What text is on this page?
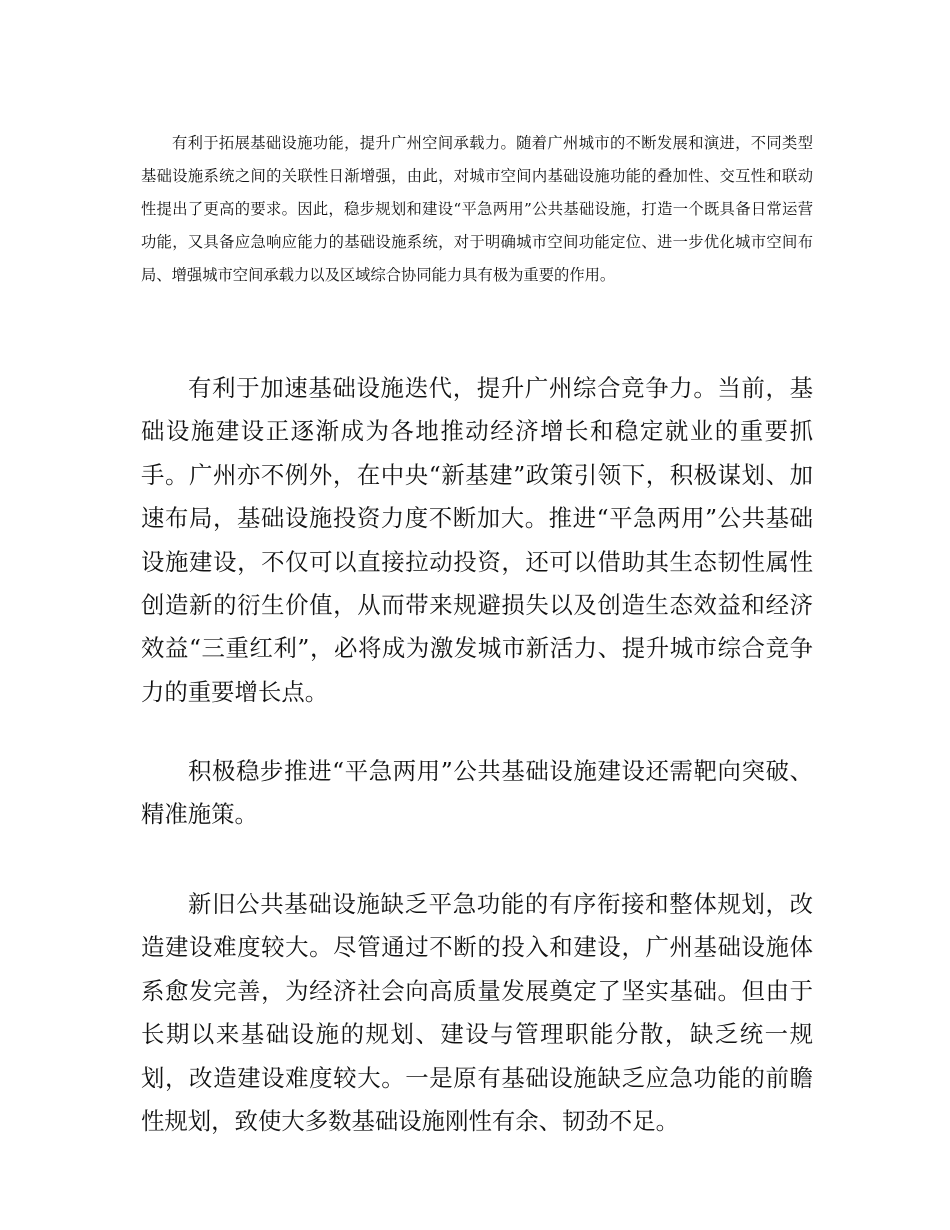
有利于拓展基础设施功能，提升广州空间承载力。随着广州城市的不断发展和演进，不同类型基础设施系统之间的关联性日渐增强，由此，对城市空间内基础设施功能的叠加性、交互性和联动性提出了更高的要求。因此，稳步规划和建设“平急两用”公共基础设施，打造一个既具备日常运营功能，又具备应急响应能力的基础设施系统，对于明确城市空间功能定位、进一步优化城市空间布局、增强城市空间承载力以及区域综合协同能力具有极为重要的作用。

有利于加速基础设施迭代，提升广州综合竞争力。当前，基础设施建设正逐渐成为各地推动经济增长和稳定就业的重要抓手。广州亦不例外，在中央“新基建”政策引领下，积极谋划、加速布局，基础设施投资力度不断加大。推进“平急两用”公共基础设施建设，不仅可以直接拉动投资，还可以借助其生态韧性属性创造新的衍生价值，从而带来规避损失以及创造生态效益和经济效益“三重红利”，必将成为激发城市新活力、提升城市综合竞争力的重要增长点。

积极稳步推进“平急两用”公共基础设施建设还需靶向突破、精准施策。

新旧公共基础设施缺乏平急功能的有序衔接和整体规划，改造建设难度较大。尽管通过不断的投入和建设，广州基础设施体系愈发完善，为经济社会向高质量发展奠定了坚实基础。但由于长期以来基础设施的规划、建设与管理职能分散，缺乏统一规划，改造建设难度较大。一是原有基础设施缺乏应急功能的前瞻性规划，致使大多数基础设施刚性有余、韧劲不足。
